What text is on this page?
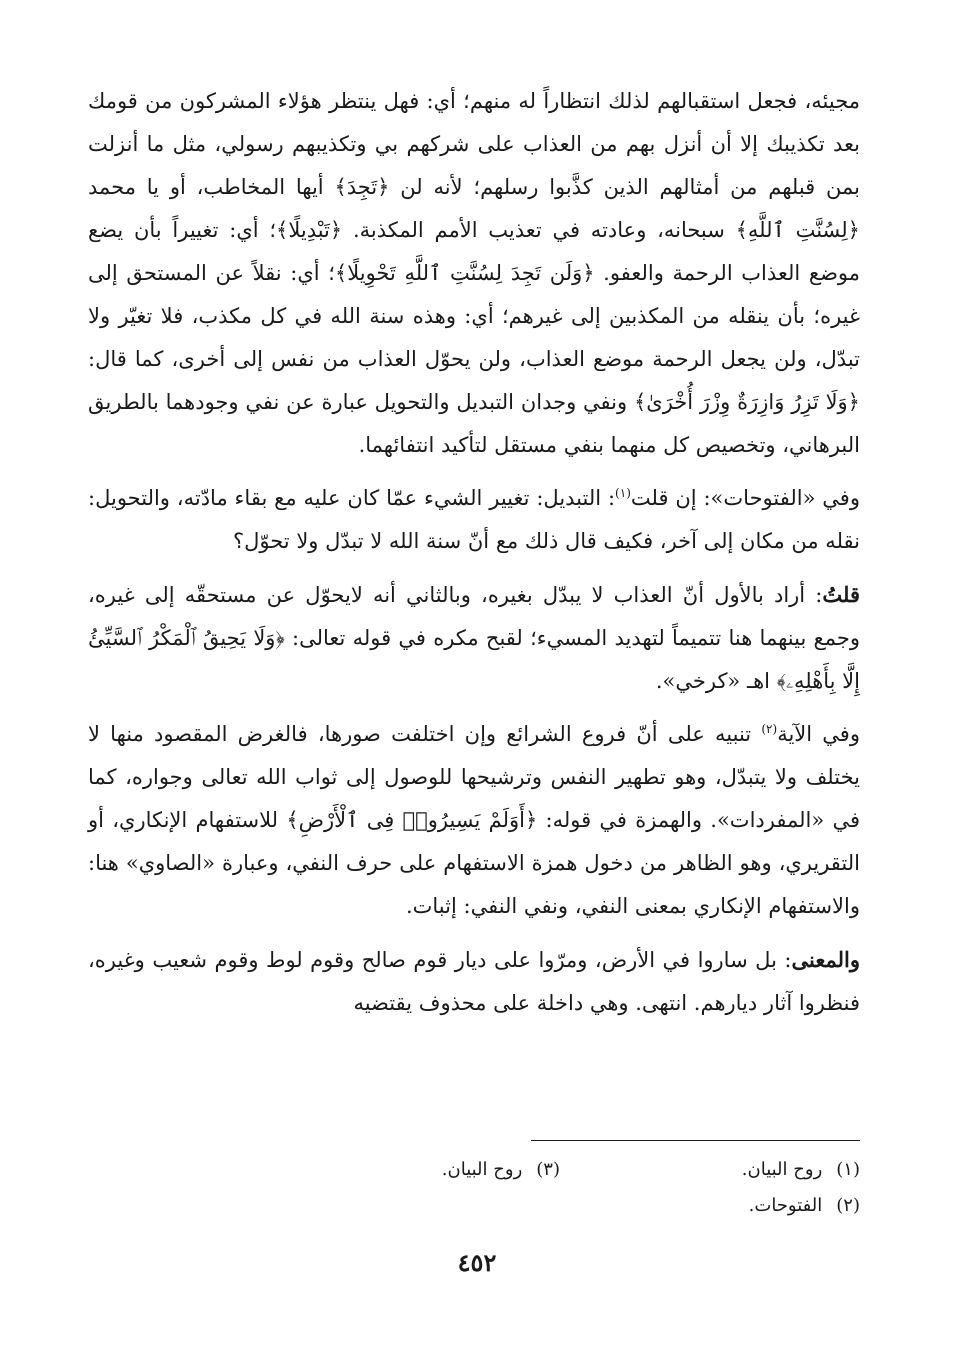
مجيئه، فجعل استقبالهم لذلك انتظاراً له منهم؛ أي: فهل ينتظر هؤلاء المشركون من قومك بعد تكذيبك إلا أن أنزل بهم من العذاب على شركهم بي وتكذيبهم رسولي، مثل ما أنزلت بمن قبلهم من أمثالهم الذين كذَّبوا رسلهم؛ لأنه لن ﴿تَجِدَ﴾ أيها المخاطب، أو يا محمد ﴿لِسُنَّتِ ٱللَّهِ﴾ سبحانه، وعادته في تعذيب الأمم المكذبة. ﴿تَبْدِيلًا﴾؛ أي: تغييراً بأن يضع موضع العذاب الرحمة والعفو. ﴿وَلَن تَجِدَ لِسُنَّتِ ٱللَّهِ تَحْوِيلًا﴾؛ أي: نقلاً عن المستحق إلى غيره؛ بأن ينقله من المكذبين إلى غيرهم؛ أي: وهذه سنة الله في كل مكذب، فلا تغيّر ولا تبدّل، ولن يجعل الرحمة موضع العذاب، ولن يحوّل العذاب من نفس إلى أخرى، كما قال: ﴿وَلَا تَزِرُ وَازِرَةٌ وِزْرَ أُخْرَىٰ﴾ ونفي وجدان التبديل والتحويل عبارة عن نفي وجودهما بالطريق البرهاني، وتخصيص كل منهما بنفي مستقل لتأكيد انتفائهما.

وفي «الفتوحات»: إن قلت$^{(١)}$: التبديل: تغيير الشيء عمّا كان عليه مع بقاء مادّته، والتحويل: نقله من مكان إلى آخر، فكيف قال ذلك مع أنّ سنة الله لا تبدّل ولا تحوّل؟

قلتُ: أراد بالأول أنّ العذاب لا يبدّل بغيره، وبالثاني أنه لايحوّل عن مستحقّه إلى غيره، وجمع بينهما هنا تتميماً لتهديد المسيء؛ لقبح مكره في قوله تعالى: ﴿وَلَا يَحِيقُ ٱلْمَكْرُ ٱلسَّيِّئُ إِلَّا بِأَهْلِهِۦ﴾ اهـ «كرخي».

وفي الآية$^{(٢)}$ تنبيه على أنّ فروع الشرائع وإن اختلفت صورها، فالغرض المقصود منها لا يختلف ولا يتبدّل، وهو تطهير النفس وترشيحها للوصول إلى ثواب الله تعالى وجواره، كما في «المفردات». والهمزة في قوله: ﴿أَوَلَمْ يَسِيرُوا۟ فِى ٱلْأَرْضِ﴾ للاستفهام الإنكاري، أو التقريري، وهو الظاهر من دخول همزة الاستفهام على حرف النفي، وعبارة «الصاوي» هنا: والاستفهام الإنكاري بمعنى النفي، ونفي النفي: إثبات.

والمعنى: بل ساروا في الأرض، ومرّوا على ديار قوم صالح وقوم لوط وقوم شعيب وغيره، فنظروا آثار ديارهم. انتهى. وهي داخلة على محذوف يقتضيه

(١)روح البيان.
(٣)روح البيان.
(٢)الفتوحات.
٤٥٢
